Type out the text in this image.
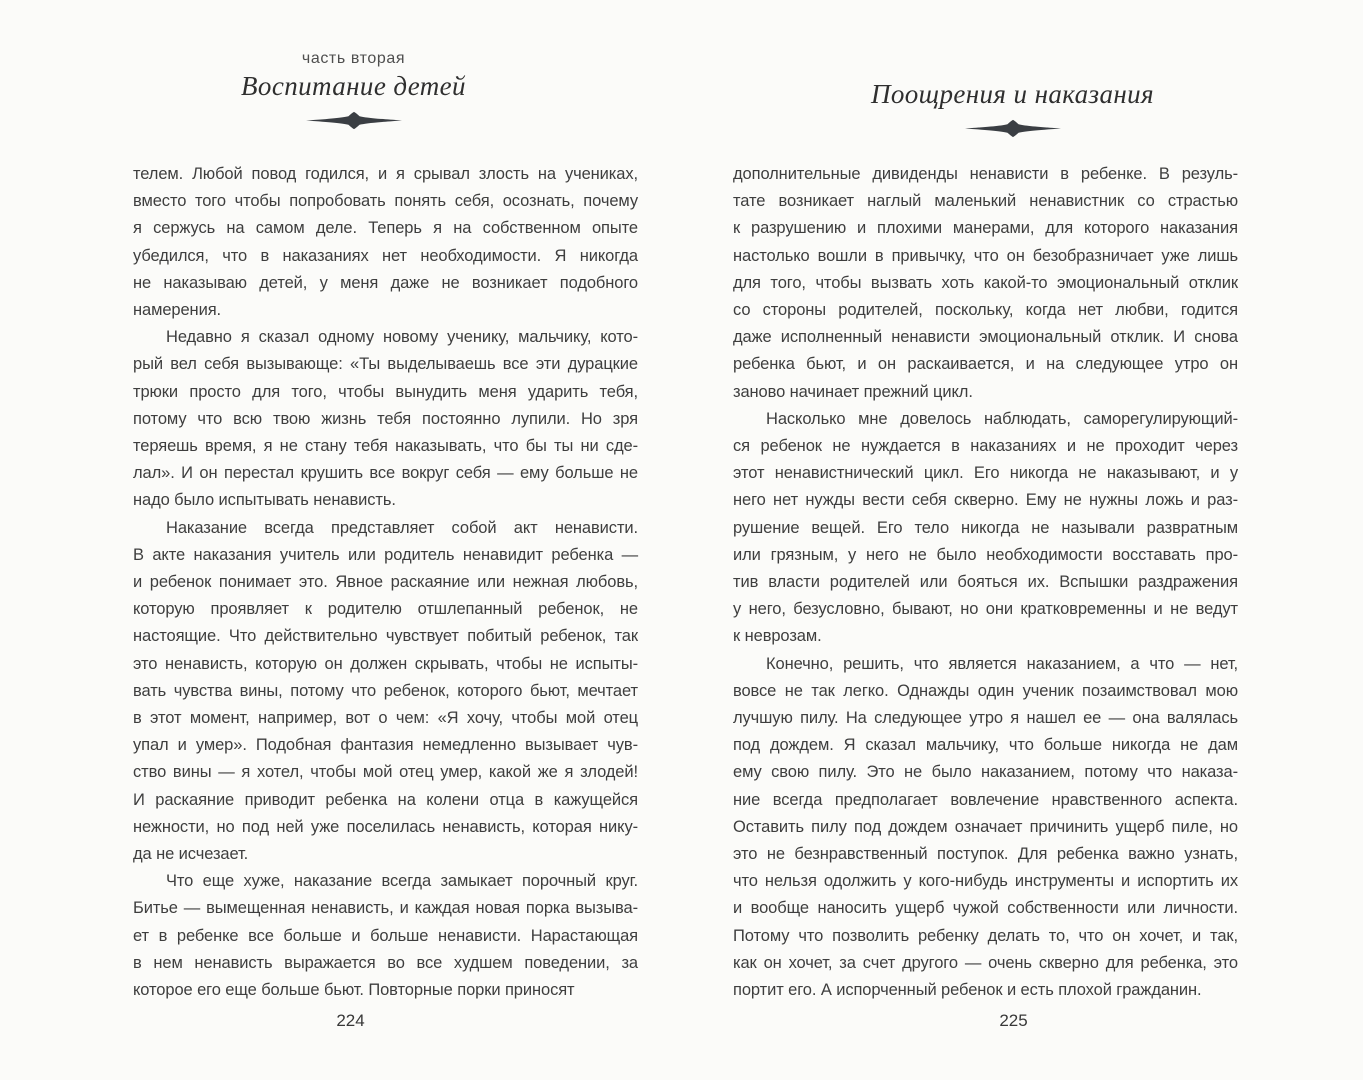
часть вторая
Воспитание детей	Поощрения и наказания
телем. Любой повод годился, и я срывал злость на учениках,
вместо того чтобы попробовать понять себя, осознать, почему
я сержусь на самом деле. Теперь я на собственном опыте
убедился, что в наказаниях нет необходимости. Я никогда
не наказываю детей, у меня даже не возникает подобного
намерения.
Недавно я сказал одному новому ученику, мальчику, кото-
рый вел себя вызывающе: «Ты выделываешь все эти дурацкие
трюки просто для того, чтобы вынудить меня ударить тебя,
потому что всю твою жизнь тебя постоянно лупили. Но зря
теряешь время, я не стану тебя наказывать, что бы ты ни сде-
лал». И он перестал крушить все вокруг себя — ему больше не
надо было испытывать ненависть.
Наказание всегда представляет собой акт ненависти.
В акте наказания учитель или родитель ненавидит ребенка —
и ребенок понимает это. Явное раскаяние или нежная любовь,
которую проявляет к родителю отшлепанный ребенок, не
настоящие. Что действительно чувствует побитый ребенок, так
это ненависть, которую он должен скрывать, чтобы не испыты-
вать чувства вины, потому что ребенок, которого бьют, мечтает
в этот момент, например, вот о чем: «Я хочу, чтобы мой отец
упал и умер». Подобная фантазия немедленно вызывает чув-
ство вины — я хотел, чтобы мой отец умер, какой же я злодей!
И раскаяние приводит ребенка на колени отца в кажущейся
нежности, но под ней уже поселилась ненависть, которая нику-
да не исчезает.
Что еще хуже, наказание всегда замыкает порочный круг.
Битье — вымещенная ненависть, и каждая новая порка вызыва-
ет в ребенке все больше и больше ненависти. Нарастающая
в нем ненависть выражается во все худшем поведении, за
которое его еще больше бьют. Повторные порки приносят
дополнительные дивиденды ненависти в ребенке. В резуль-
тате возникает наглый маленький ненавистник со страстью
к разрушению и плохими манерами, для которого наказания
настолько вошли в привычку, что он безобразничает уже лишь
для того, чтобы вызвать хоть какой-то эмоциональный отклик
со стороны родителей, поскольку, когда нет любви, годится
даже исполненный ненависти эмоциональный отклик. И снова
ребенка бьют, и он раскаивается, и на следующее утро он
заново начинает прежний цикл.
Насколько мне довелось наблюдать, саморегулирующий-
ся ребенок не нуждается в наказаниях и не проходит через
этот ненавистнический цикл. Его никогда не наказывают, и у
него нет нужды вести себя скверно. Ему не нужны ложь и раз-
рушение вещей. Его тело никогда не называли развратным
или грязным, у него не было необходимости восставать про-
тив власти родителей или бояться их. Вспышки раздражения
у него, безусловно, бывают, но они кратковременны и не ведут
к неврозам.
Конечно, решить, что является наказанием, а что — нет,
вовсе не так легко. Однажды один ученик позаимствовал мою
лучшую пилу. На следующее утро я нашел ее — она валялась
под дождем. Я сказал мальчику, что больше никогда не дам
ему свою пилу. Это не было наказанием, потому что наказа-
ние всегда предполагает вовлечение нравственного аспекта.
Оставить пилу под дождем означает причинить ущерб пиле, но
это не безнравственный поступок. Для ребенка важно узнать,
что нельзя одолжить у кого-нибудь инструменты и испортить их
и вообще наносить ущерб чужой собственности или личности.
Потому что позволить ребенку делать то, что он хочет, и так,
как он хочет, за счет другого — очень скверно для ребенка, это
портит его. А испорченный ребенок и есть плохой гражданин.
224	225
